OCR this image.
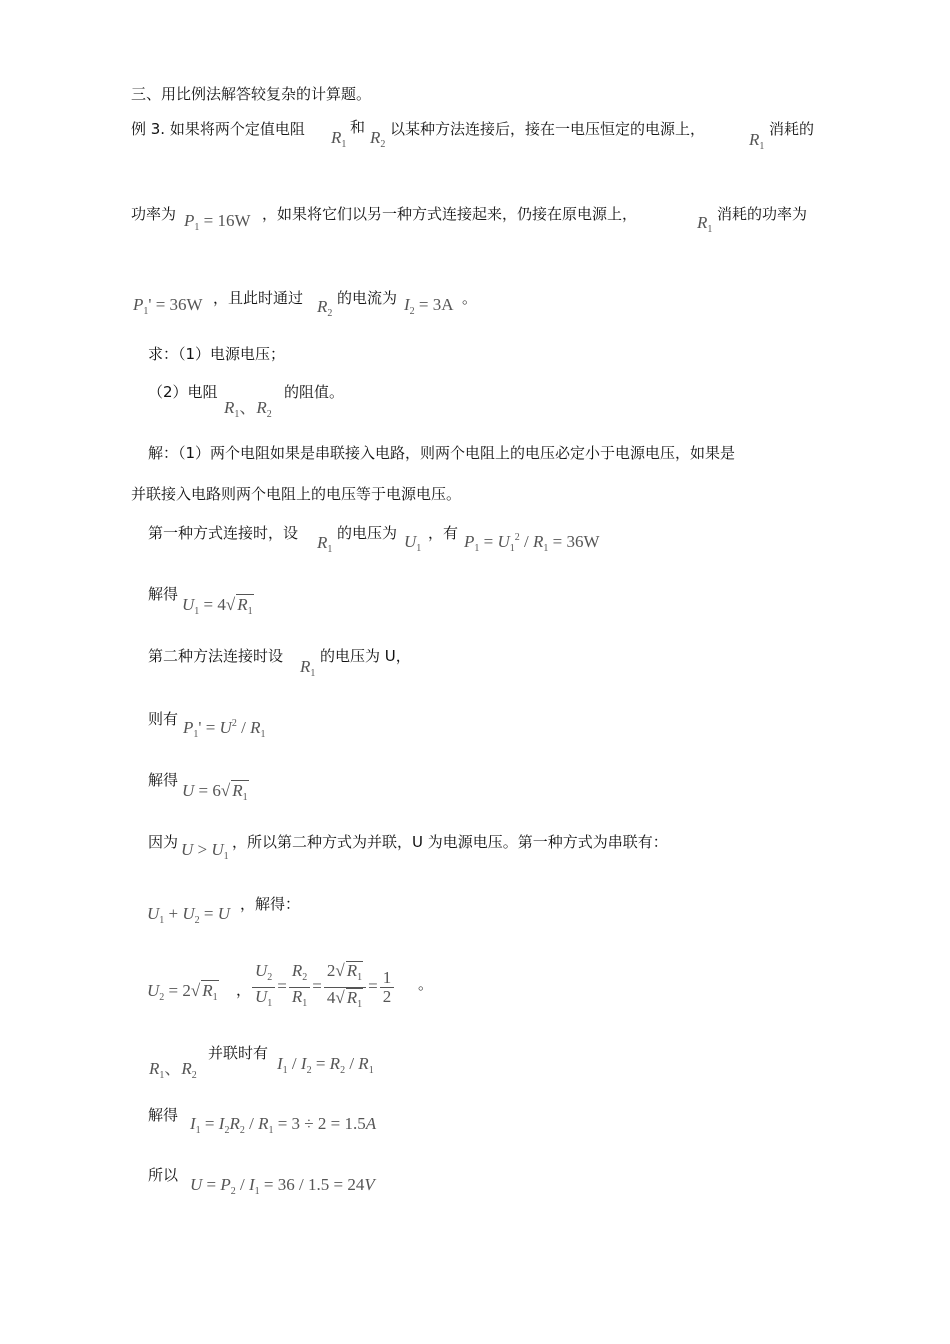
三、用比例法解答较复杂的计算题。
例 3. 如果将两个定值电阻 $R_1$
和
$R_2$
以某种方法连接后，接在一电压恒定的电源上，
$R_1$
消耗的
功率为 $P_1 = 16W$ ，如果将它们以另一种方式连接起来，仍接在原电源上，	$R_1$
消耗的功率为
$P_1' = 36W$ ，且此时通过 $R_2$
的电流为 $I_2 = 3A$ 。
求：（1）电源电压；
（2）电阻
$R_1$、$R_2$
的阻值。
解：（1）两个电阻如果是串联接入电路，则两个电阻上的电压必定小于电源电压，如果是
并联接入电路则两个电阻上的电压等于电源电压。
第一种方式连接时，设 $R_1$
的电压为 $U_1$
，有 $P_1 = U_1^2 / R_1 = 36W$
解得
$U_1 = 4√$ $R_1$
第二种方法连接时设
$R_1$
的电压为 U，
则有 $P_1' = U^2 / R_1$
解得
U = 6√ $R_1$
因为 $U > U_1$
，所以第二种方式为并联，U 为电源电压。第一种方式为串联有：
$U_1 + U_2 = U$ ，解得：
$U_2 = 2√$ $R_1$ ， $\frac{U_2}{U_1} = \frac{R_2}{R_1} = \frac{2√ R_1}{4√ R_1} = \frac{1}{2}$ 。
$R_1$、$R_2$
并联时有
$I_1 / I_2 = R_2 / R_1$
解得 $I_1 = I_2R_2 / R_1 = 3 \div 2 = 1.5A$
所以 $U = P_2 / I_1 = 36 / 1.5 = 24V$
